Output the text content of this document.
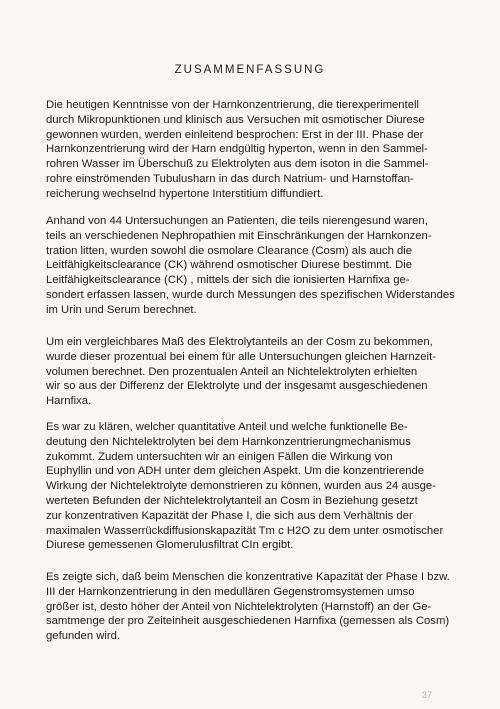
ZUSAMMENFASSUNG
Die heutigen Kenntnisse von der Harnkonzentrierung, die tierexperimentell
durch Mikropunktionen und klinisch aus Versuchen mit osmotischer Diurese
gewonnen wurden, werden einleitend besprochen: Erst in der III. Phase der
Harnkonzentrierung wird der Harn endgültig hyperton, wenn in den Sammel-
rohren Wasser im Überschuß zu Elektrolyten aus dem isoton in die Sammel-
rohre einströmenden Tubulusharn in das durch Natrium- und Harnstoffan-
reicherung wechselnd hypertone Interstitium diffundiert.
Anhand von 44 Untersuchungen an Patienten, die teils nierengesund waren,
teils an verschiedenen Nephropathien mit Einschränkungen der Harnkonzen-
tration litten, wurden sowohl die osmolare Clearance (Cosm) als auch die
Leitfähigkeitsclearance (CK) während osmotischer Diurese bestimmt. Die
Leitfähigkeitsclearance (CK) , mittels der sich die ionisierten Harnfixa ge-
sondert erfassen lassen, wurde durch Messungen des spezifischen Widerstandes
im Urin und Serum berechnet.
Um ein vergleichbares Maß des Elektrolytanteils an der Cosm zu bekommen,
wurde dieser prozentual bei einem für alle Untersuchungen gleichen Harnzeit-
volumen berechnet. Den prozentualen Anteil an Nichtelektrolyten erhielten
wir so aus der Differenz der Elektrolyte und der insgesamt ausgeschiedenen
Harnfixa.
Es war zu klären, welcher quantitative Anteil und welche funktionelle Be-
deutung den Nichtelektrolyten bei dem Harnkonzentrierungmechanismus
zukommt. Zudem untersuchten wir an einigen Fällen die Wirkung von
Euphyllin und von ADH unter dem gleichen Aspekt. Um die konzentrierende
Wirkung der Nichtelektrolyte demonstrieren zu können, wurden aus 24 ausge-
werteten Befunden der Nichtelektrolytanteil an Cosm in Beziehung gesetzt
zur konzentrativen Kapazität der Phase I, die sich aus dem Verhältnis der
maximalen Wasserrückdiffusionskapazität Tm c H2O zu dem unter osmotischer
Diurese gemessenen Glomerulusfiltrat CIn ergibt.
Es zeigte sich, daß beim Menschen die konzentrative Kapazität der Phase I bzw.
III der Harnkonzentrierung in den medullären Gegenstromsystemen umso
größer ist, desto höher der Anteil von Nichtelektrolyten (Harnstoff) an der Ge-
samtmenge der pro Zeiteinheit ausgeschiedenen Harnfixa (gemessen als Cosm)
gefunden wird.
37
